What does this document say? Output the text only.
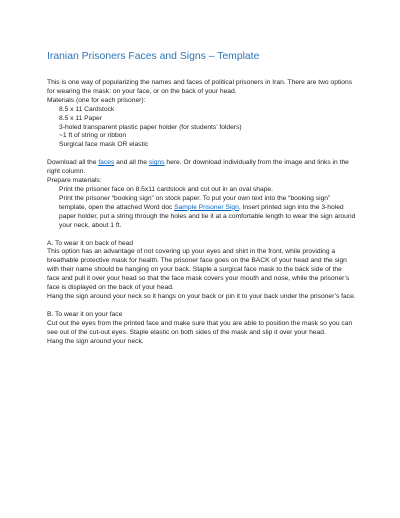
Iranian Prisoners Faces and Signs – Template

This is one way of popularizing the names and faces of political prisoners in Iran. There are two options for wearing the mask: on your face, or on the back of your head.

Materials (one for each prisoner):

8.5 x 11 Cardstock

8.5 x 11 Paper

3-holed transparent plastic paper holder (for students’ folders)

~1 ft of string or ribbon

Surgical face mask OR elastic

Download all the faces and all the signs here. Or download individually from the image and links in the right column.

Prepare materials:

Print the prisoner face on 8.5x11 cardstock and cut out in an oval shape.

Print the prisoner “booking sign” on stock paper. To put your own text into the “booking sign” template, open the attached Word doc Sample Prisoner Sign. Insert printed sign into the 3-holed paper holder, put a string through the holes and tie it at a comfortable length to wear the sign around your neck, about 1 ft.

A. To wear it on back of head

This option has an advantage of not covering up your eyes and shirt in the front, while providing a breathable protective mask for health. The prisoner face goes on the BACK of your head and the sign with their name should be hanging on your back. Staple a surgical face mask to the back side of the face and pull it over your head so that the face mask covers your mouth and nose, while the prisoner’s face is displayed on the back of your head.

Hang the sign around your neck so it hangs on your back or pin it to your back under the prisoner’s face.

B. To wear it on your face

Cut out the eyes from the printed face and make sure that you are able to position the mask so you can see out of the cut-out eyes. Staple elastic on both sides of the mask and slip it over your head.

Hang the sign around your neck.
